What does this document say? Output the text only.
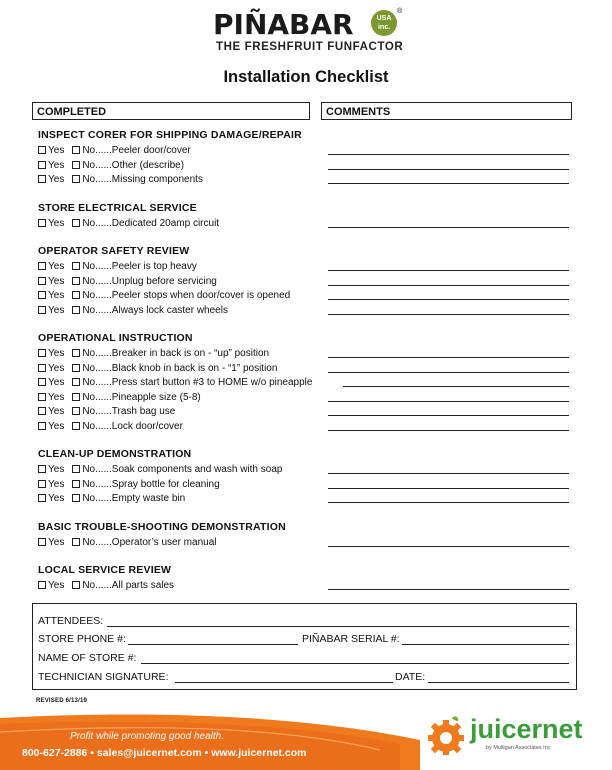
PIÑABAR	USA inc.
®
THE FRESHFRUIT FUNFACTOR
Installation Checklist
COMPLETED	COMMENTS
INSPECT CORER FOR SHIPPING DAMAGE/REPAIR
Yes No......Peeler door/cover
Yes No......Other (describe)
Yes No......Missing components
STORE ELECTRICAL SERVICE
Yes No......Dedicated 20amp circuit
OPERATOR SAFETY REVIEW
Yes No......Peeler is top heavy
Yes No......Unplug before servicing
Yes No......Peeler stops when door/cover is opened
Yes No......Always lock caster wheels
OPERATIONAL INSTRUCTION
Yes No......Breaker in back is on - “up” position
Yes No......Black knob in back is on - “1” position
Yes No......Press start button #3 to HOME w/o pineapple
Yes No......Pineapple size (5-8)
Yes No......Trash bag use
Yes No......Lock door/cover
CLEAN-UP DEMONSTRATION
Yes No......Soak components and wash with soap
Yes No......Spray bottle for cleaning
Yes No......Empty waste bin
BASIC TROUBLE-SHOOTING DEMONSTRATION
Yes No......Operator’s user manual
LOCAL SERVICE REVIEW
Yes No......All parts sales
ATTENDEES:
STORE PHONE #:	PIÑABAR SERIAL #:
NAME OF STORE #:
TECHNICIAN SIGNATURE:	DATE:
REVISED 6/13/19
Profit while promoting good health.
800-627-2886 • sales@juicernet.com • www.juicernet.com
juicernet
by Mulligan Associates Inc
